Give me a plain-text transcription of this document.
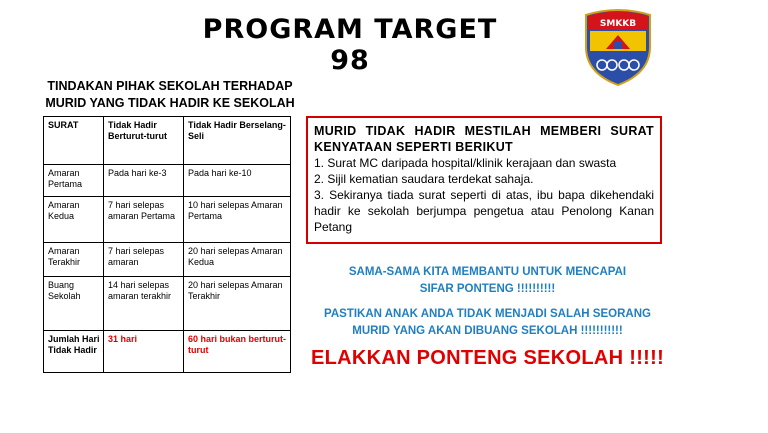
PROGRAM TARGET 98
SMKKB
TINDAKAN PIHAK SEKOLAH TERHADAP
MURID YANG TIDAK HADIR KE SEKOLAH
SURAT	Tidak Hadir Berturut-turut	Tidak Hadir Berselang-Seli
Amaran Pertama	Pada hari ke-3	Pada hari ke-10
Amaran Kedua	7 hari selepas amaran Pertama	10 hari selepas Amaran Pertama
Amaran Terakhir	7 hari selepas amaran	20 hari selepas Amaran Kedua
Buang Sekolah	14 hari selepas amaran terakhir	20 hari selepas Amaran Terakhir
Jumlah Hari Tidak Hadir	31 hari	60 hari bukan berturut-turut
MURID TIDAK HADIR MESTILAH MEMBERI SURAT KENYATAAN SEPERTI BERIKUT
1. Surat MC daripada hospital/klinik kerajaan dan swasta
2. Sijil kematian saudara terdekat sahaja.
3. Sekiranya tiada surat seperti di atas, ibu bapa dikehendaki hadir ke sekolah berjumpa pengetua atau Penolong Kanan Petang
SAMA-SAMA KITA MEMBANTU UNTUK MENCAPAI
SIFAR PONTENG !!!!!!!!!!
PASTIKAN ANAK ANDA TIDAK MENJADI SALAH SEORANG
MURID YANG AKAN DIBUANG SEKOLAH !!!!!!!!!!!
ELAKKAN PONTENG SEKOLAH !!!!!
